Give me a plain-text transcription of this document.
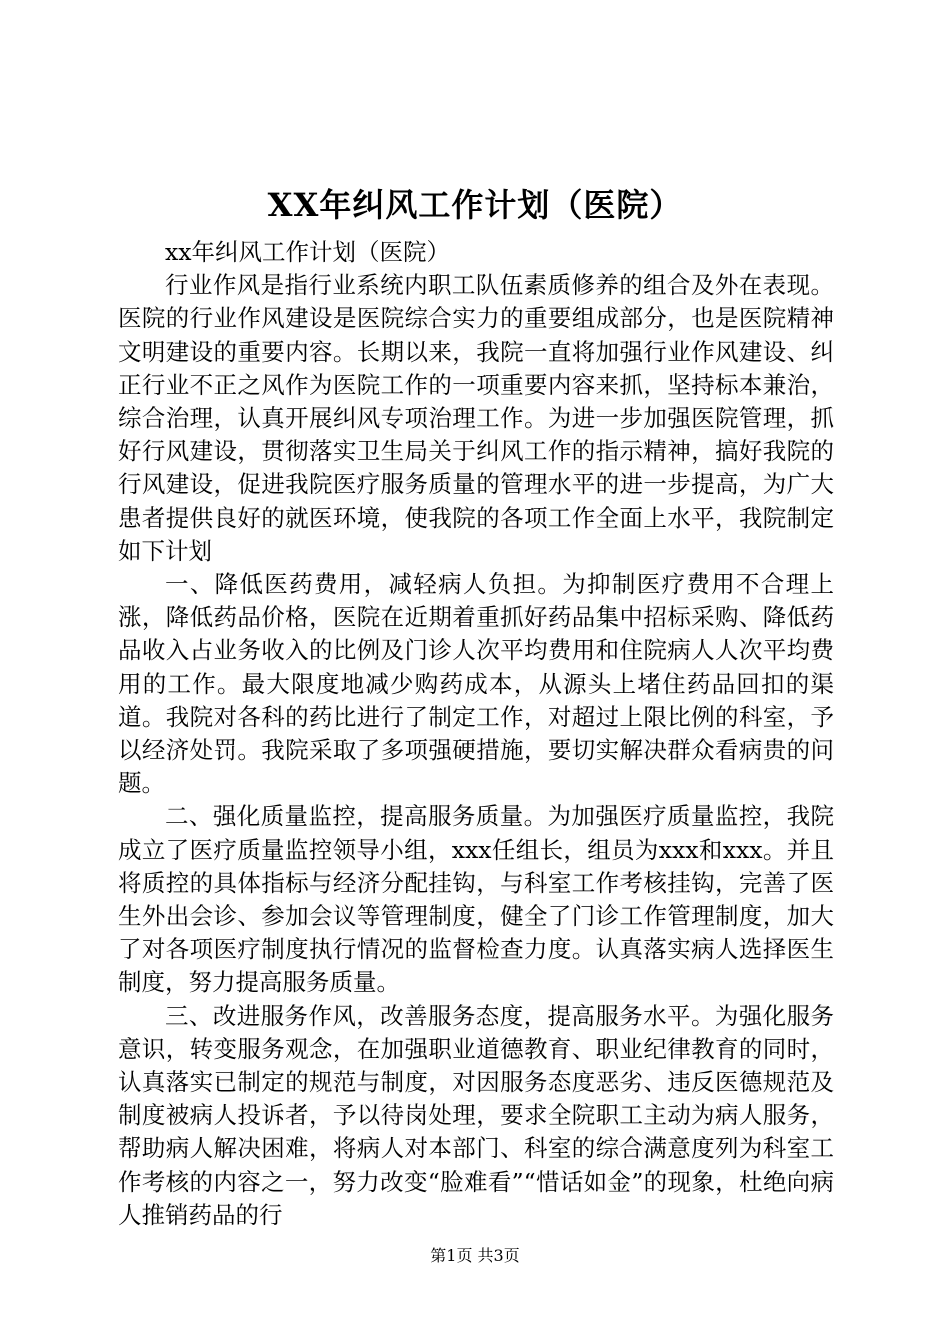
XX年纠风工作计划（医院）

xx年纠风工作计划（医院）

行业作风是指行业系统内职工队伍素质修养的组合及外在表现。医院的行业作风建设是医院综合实力的重要组成部分，也是医院精神文明建设的重要内容。长期以来，我院一直将加强行业作风建设、纠正行业不正之风作为医院工作的一项重要内容来抓，坚持标本兼治，综合治理，认真开展纠风专项治理工作。为进一步加强医院管理，抓好行风建设，贯彻落实卫生局关于纠风工作的指示精神，搞好我院的行风建设，促进我院医疗服务质量的管理水平的进一步提高，为广大患者提供良好的就医环境，使我院的各项工作全面上水平，我院制定如下计划

一、降低医药费用，减轻病人负担。为抑制医疗费用不合理上涨，降低药品价格，医院在近期着重抓好药品集中招标采购、降低药品收入占业务收入的比例及门诊人次平均费用和住院病人人次平均费用的工作。最大限度地减少购药成本，从源头上堵住药品回扣的渠道。我院对各科的药比进行了制定工作，对超过上限比例的科室，予以经济处罚。我院采取了多项强硬措施，要切实解决群众看病贵的问题。

二、强化质量监控，提高服务质量。为加强医疗质量监控，我院成立了医疗质量监控领导小组，xxx任组长，组员为xxx和xxx。并且将质控的具体指标与经济分配挂钩，与科室工作考核挂钩，完善了医生外出会诊、参加会议等管理制度，健全了门诊工作管理制度，加大了对各项医疗制度执行情况的监督检查力度。认真落实病人选择医生制度，努力提高服务质量。

三、改进服务作风，改善服务态度，提高服务水平。为强化服务意识，转变服务观念，在加强职业道德教育、职业纪律教育的同时，认真落实已制定的规范与制度，对因服务态度恶劣、违反医德规范及制度被病人投诉者，予以待岗处理，要求全院职工主动为病人服务，帮助病人解决困难，将病人对本部门、科室的综合满意度列为科室工作考核的内容之一，努力改变“脸难看”“惜话如金”的现象，杜绝向病人推销药品的行

第1页 共3页
